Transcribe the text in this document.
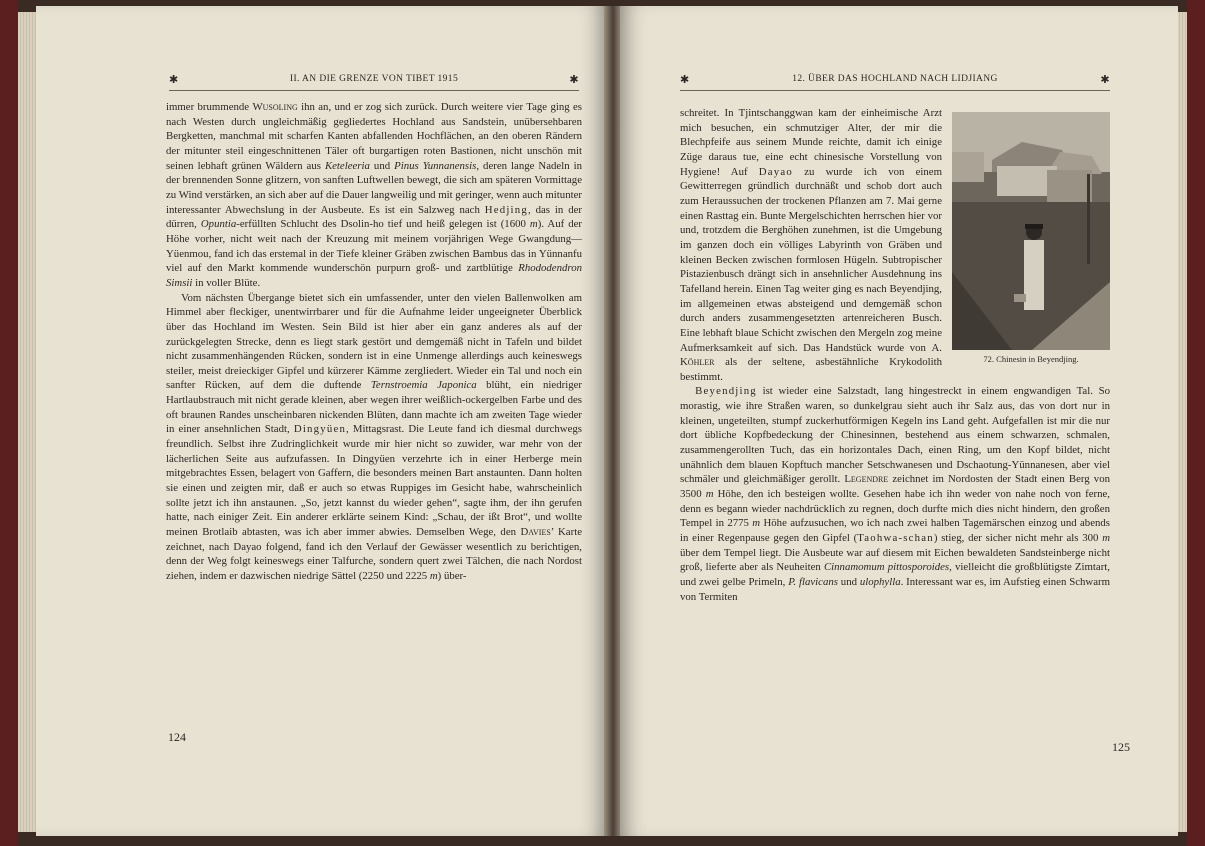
✱	II. AN DIE GRENZE VON TIBET 1915	✱

immer brummende Wusoling ihn an, und er zog sich zurück. Durch weitere vier Tage ging es nach Westen durch ungleichmäßig gegliedertes Hochland aus Sandstein, unübersehbaren Bergketten, manchmal mit scharfen Kanten abfallenden Hochflächen, an den oberen Rändern der mitunter steil eingeschnittenen Täler oft burgartigen roten Bastionen, nicht unschön mit seinen lebhaft grünen Wäldern aus Keteleeria und Pinus Yunnanensis, deren lange Nadeln in der brennenden Sonne glitzern, von sanften Luftwellen bewegt, die sich am späteren Vormittage zu Wind verstärken, an sich aber auf die Dauer langweilig und mit geringer, wenn auch mitunter interessanter Abwechslung in der Ausbeute. Es ist ein Salzweg nach Hedjing, das in der dürren, Opuntia-erfüllten Schlucht des Dsolin-ho tief und heiß gelegen ist (1600 m). Auf der Höhe vorher, nicht weit nach der Kreuzung mit meinem vorjährigen Wege Gwangdung—Yüenmou, fand ich das erstemal in der Tiefe kleiner Gräben zwischen Bambus das in Yünnanfu viel auf den Markt kommende wunderschön purpurn groß- und zartblütige Rhododendron Simsii in voller Blüte.

Vom nächsten Übergange bietet sich ein umfassender, unter den vielen Ballenwolken am Himmel aber fleckiger, unentwirrbarer und für die Aufnahme leider ungeeigneter Überblick über das Hochland im Westen. Sein Bild ist hier aber ein ganz anderes als auf der zurückgelegten Strecke, denn es liegt stark gestört und demgemäß nicht in Tafeln und bildet nicht zusammenhängenden Rücken, sondern ist in eine Unmenge allerdings auch keineswegs steiler, meist dreieckiger Gipfel und kürzerer Kämme zergliedert. Wieder ein Tal und noch ein sanfter Rücken, auf dem die duftende Ternstroemia Japonica blüht, ein niedriger Hartlaubstrauch mit nicht gerade kleinen, aber wegen ihrer weißlich-ockergelben Farbe und des oft braunen Randes unscheinbaren nickenden Blüten, dann machte ich am zweiten Tage wieder in einer ansehnlichen Stadt, Dingyüen, Mittagsrast. Die Leute fand ich diesmal durchwegs freundlich. Selbst ihre Zudringlichkeit wurde mir hier nicht so zuwider, war mehr von der lächerlichen Seite aus aufzufassen. In Dingyüen verzehrte ich in einer Herberge mein mitgebrachtes Essen, belagert von Gaffern, die besonders meinen Bart anstaunten. Dann holten sie einen und zeigten mir, daß er auch so etwas Ruppiges im Gesicht habe, wahrscheinlich sollte jetzt ich ihn anstaunen. „So, jetzt kannst du wieder gehen“, sagte ihm, der ihn gerufen hatte, nach einiger Zeit. Ein anderer erklärte seinem Kind: „Schau, der ißt Brot“, und wollte meinen Brotlaib abtasten, was ich aber immer abwies. Demselben Wege, den Davies’ Karte zeichnet, nach Dayao folgend, fand ich den Verlauf der Gewässer wesentlich zu berichtigen, denn der Weg folgt keineswegs einer Talfurche, sondern quert zwei Tälchen, die nach Nordost ziehen, indem er dazwischen niedrige Sättel (2250 und 2225 m) über-

124
✱	12. ÜBER DAS HOCHLAND NACH LIDJIANG	✱
72. Chinesin in Beyendjing.

schreitet. In Tjintschanggwan kam der einheimische Arzt mich besuchen, ein schmutziger Alter, der mir die Blechpfeife aus seinem Munde reichte, damit ich einige Züge daraus tue, eine echt chinesische Vorstellung von Hygiene! Auf Dayao zu wurde ich von einem Gewitterregen gründlich durchnäßt und schob dort auch zum Heraussuchen der trockenen Pflanzen am 7. Mai gerne einen Rasttag ein. Bunte Mergelschichten herrschen hier vor und, trotzdem die Berghöhen zunehmen, ist die Umgebung im ganzen doch ein völliges Labyrinth von Gräben und kleinen Becken zwischen formlosen Hügeln. Subtropischer Pistazienbusch drängt sich in ansehnlicher Ausdehnung ins Tafelland herein. Einen Tag weiter ging es nach Beyendjing, im allgemeinen etwas absteigend und demgemäß schon durch anders zusammengesetzten artenreicheren Busch. Eine lebhaft blaue Schicht zwischen den Mergeln zog meine Aufmerksamkeit auf sich. Das Handstück wurde von A. Köhler als der seltene, asbestähnliche Krykodolith bestimmt.

Beyendjing ist wieder eine Salzstadt, lang hingestreckt in einem engwandigen Tal. So morastig, wie ihre Straßen waren, so dunkelgrau sieht auch ihr Salz aus, das von dort nur in kleinen, ungeteilten, stumpf zuckerhutförmigen Kegeln ins Land geht. Aufgefallen ist mir die nur dort übliche Kopfbedeckung der Chinesinnen, bestehend aus einem schwarzen, schmalen, zusammengerollten Tuch, das ein horizontales Dach, einen Ring, um den Kopf bildet, nicht unähnlich dem blauen Kopftuch mancher Setschwanesen und Dschaotung-Yünnanesen, aber viel schmäler und gleichmäßiger gerollt. Legendre zeichnet im Nordosten der Stadt einen Berg von 3500 m Höhe, den ich besteigen wollte. Gesehen habe ich ihn weder von nahe noch von ferne, denn es begann wieder nachdrücklich zu regnen, doch durfte mich dies nicht hindern, den großen Tempel in 2775 m Höhe aufzusuchen, wo ich nach zwei halben Tagemärschen einzog und abends in einer Regenpause gegen den Gipfel (Taohwa-schan) stieg, der sicher nicht mehr als 300 m über dem Tempel liegt. Die Ausbeute war auf diesem mit Eichen bewaldeten Sandsteinberge nicht groß, lieferte aber als Neuheiten Cinnamomum pittosporoides, vielleicht die großblütigste Zimtart, und zwei gelbe Primeln, P. flavicans und ulophylla. Interessant war es, im Aufstieg einen Schwarm von Termiten

125
